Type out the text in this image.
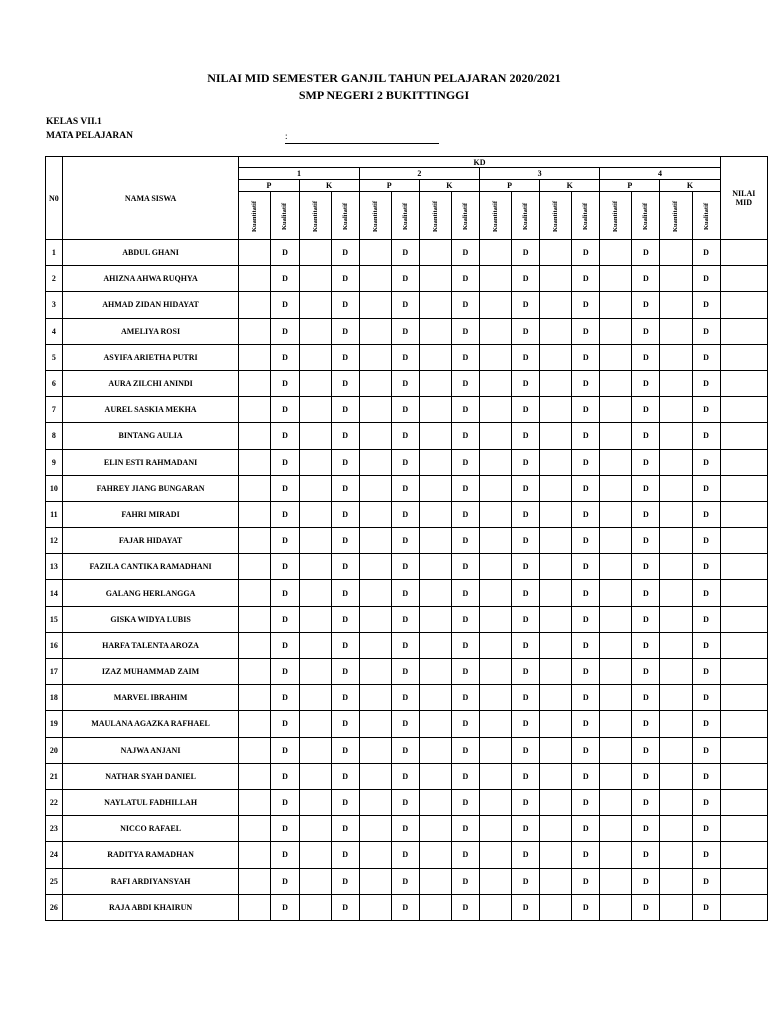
NILAI MID SEMESTER GANJIL TAHUN PELAJARAN 2020/2021
SMP NEGERI 2 BUKITTINGGI
KELAS VII.1
MATA PELAJARAN	:
N0	NAMA SISWA	KD																NILAI
MID
		1				2				3				4				
		P		K		P		K		P		K		P		K		
		Kuantitatif	Kualitatif	Kuantitatif	Kualitatif	Kuantitatif	Kualitatif	Kuantitatif	Kualitatif	Kuantitatif	Kualitatif	Kuantitatif	Kualitatif	Kuantitatif	Kualitatif	Kuantitatif	Kualitatif	
1	ABDUL GHANI		D		D		D		D		D		D		D		D	
2	AHIZNA AHWA RUQHYA		D		D		D		D		D		D		D		D	
3	AHMAD ZIDAN HIDAYAT		D		D		D		D		D		D		D		D	
4	AMELIYA ROSI		D		D		D		D		D		D		D		D	
5	ASYIFA ARIETHA PUTRI		D		D		D		D		D		D		D		D	
6	AURA ZILCHI ANINDI		D		D		D		D		D		D		D		D	
7	AUREL SASKIA MEKHA		D		D		D		D		D		D		D		D	
8	BINTANG AULIA		D		D		D		D		D		D		D		D	
9	ELIN ESTI RAHMADANI		D		D		D		D		D		D		D		D	
10	FAHREY JIANG BUNGARAN		D		D		D		D		D		D		D		D	
11	FAHRI MIRADI		D		D		D		D		D		D		D		D	
12	FAJAR HIDAYAT		D		D		D		D		D		D		D		D	
13	FAZILA CANTIKA RAMADHANI		D		D		D		D		D		D		D		D	
14	GALANG HERLANGGA		D		D		D		D		D		D		D		D	
15	GISKA WIDYA LUBIS		D		D		D		D		D		D		D		D	
16	HARFA TALENTA AROZA		D		D		D		D		D		D		D		D	
17	IZAZ MUHAMMAD ZAIM		D		D		D		D		D		D		D		D	
18	MARVEL IBRAHIM		D		D		D		D		D		D		D		D	
19	MAULANA AGAZKA RAFHAEL		D		D		D		D		D		D		D		D	
20	NAJWA ANJANI		D		D		D		D		D		D		D		D	
21	NATHAR SYAH DANIEL		D		D		D		D		D		D		D		D	
22	NAYLATUL FADHILLAH		D		D		D		D		D		D		D		D	
23	NICCO RAFAEL		D		D		D		D		D		D		D		D	
24	RADITYA RAMADHAN		D		D		D		D		D		D		D		D	
25	RAFI ARDIYANSYAH		D		D		D		D		D		D		D		D	
26	RAJA ABDI KHAIRUN		D		D		D		D		D		D		D		D	
